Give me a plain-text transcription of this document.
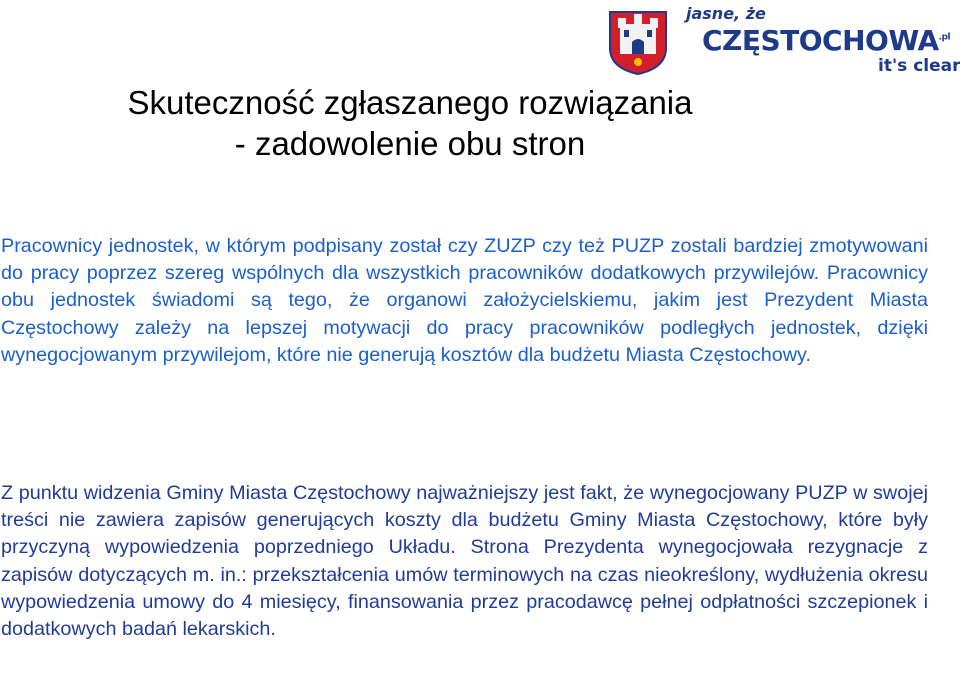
jasne, że
$CZĘSTOCHOWA^{.pl}$
it's clear
Skuteczność zgłaszanego rozwiązania
- zadowolenie obu stron

Pracownicy jednostek, w którym podpisany został czy ZUZP czy też PUZP zostali bardziej zmotywowani do pracy poprzez szereg wspólnych dla wszystkich pracowników dodatkowych przywilejów. Pracownicy obu jednostek świadomi są tego, że organowi założycielskiemu, jakim jest Prezydent Miasta Częstochowy zależy na lepszej motywacji do pracy pracowników podległych jednostek, dzięki wynegocjowanym przywilejom, które nie generują kosztów dla budżetu Miasta Częstochowy.

Z punktu widzenia Gminy Miasta Częstochowy najważniejszy jest fakt, że wynegocjowany PUZP w swojej treści nie zawiera zapisów generujących koszty dla budżetu Gminy Miasta Częstochowy, które były przyczyną wypowiedzenia poprzedniego Układu. Strona Prezydenta wynegocjowała rezygnacje z zapisów dotyczących m. in.: przekształcenia umów terminowych na czas nieokreślony, wydłużenia okresu wypowiedzenia umowy do 4 miesięcy, finansowania przez pracodawcę pełnej odpłatności szczepionek i dodatkowych badań lekarskich.
